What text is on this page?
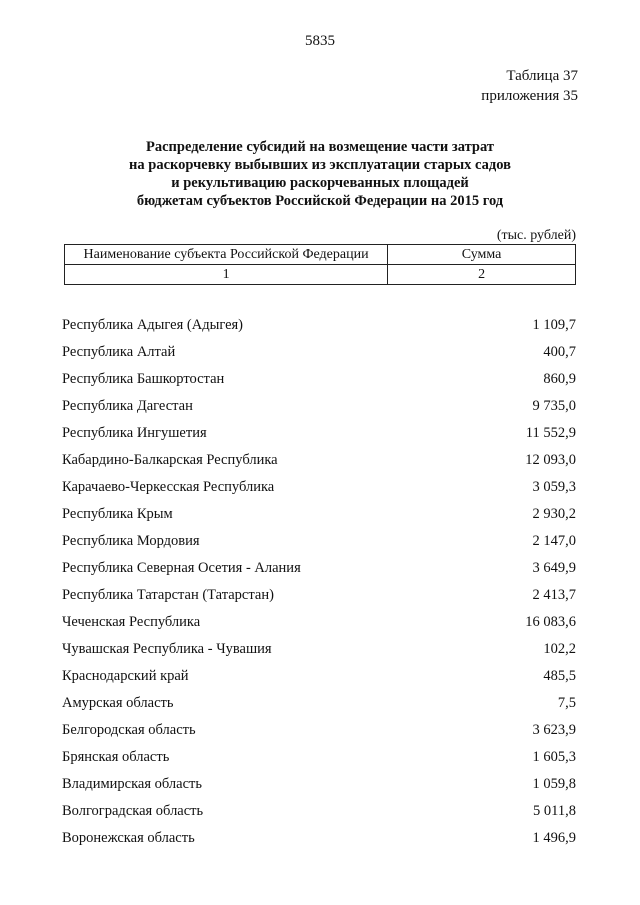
5835
Таблица 37
приложения 35
Распределение субсидий на возмещение части затрат
на раскорчевку выбывших из эксплуатации старых садов
и рекультивацию раскорчеванных площадей
бюджетам субъектов Российской Федерации на 2015 год
(тыс. рублей)
Наименование субъекта Российской Федерации	Сумма
1	2
Республика Адыгея (Адыгея)	1 109,7
Республика Алтай	400,7
Республика Башкортостан	860,9
Республика Дагестан	9 735,0
Республика Ингушетия	11 552,9
Кабардино-Балкарская Республика	12 093,0
Карачаево-Черкесская Республика	3 059,3
Республика Крым	2 930,2
Республика Мордовия	2 147,0
Республика Северная Осетия - Алания	3 649,9
Республика Татарстан (Татарстан)	2 413,7
Чеченская Республика	16 083,6
Чувашская Республика - Чувашия	102,2
Краснодарский край	485,5
Амурская область	7,5
Белгородская область	3 623,9
Брянская область	1 605,3
Владимирская область	1 059,8
Волгоградская область	5 011,8
Воронежская область	1 496,9
